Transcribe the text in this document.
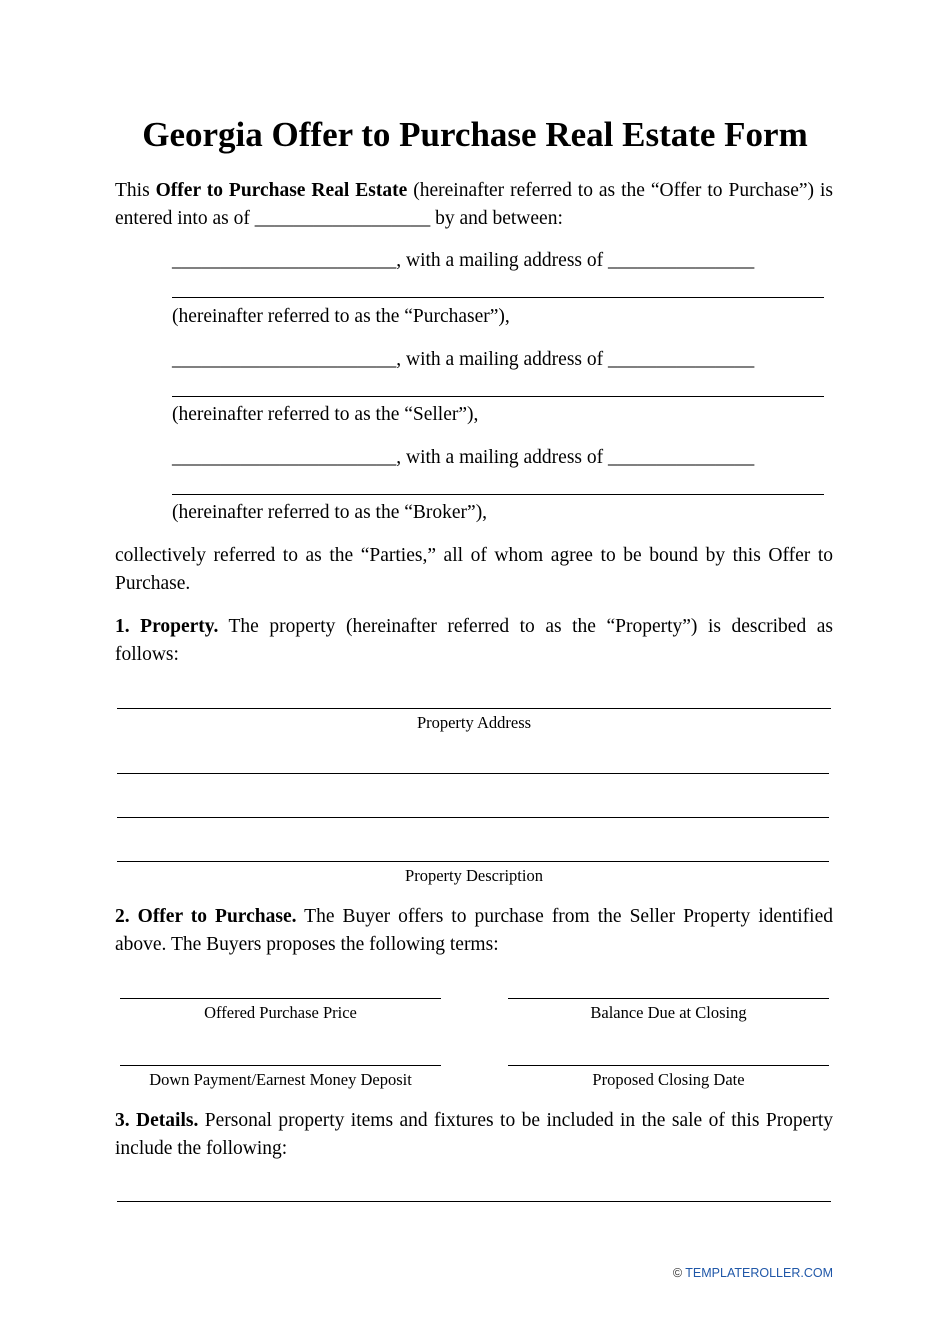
Georgia Offer to Purchase Real Estate Form

This Offer to Purchase Real Estate (hereinafter referred to as the “Offer to Purchase”) is entered into as of __________________ by and between:

_______________________, with a mailing address of _______________
(hereinafter referred to as the “Purchaser”),
_______________________, with a mailing address of _______________
(hereinafter referred to as the “Seller”),
_______________________, with a mailing address of _______________
(hereinafter referred to as the “Broker”),

collectively referred to as the “Parties,” all of whom agree to be bound by this Offer to Purchase.

1. Property. The property (hereinafter referred to as the “Property”) is described as follows:

Property Address
Property Description

2. Offer to Purchase. The Buyer offers to purchase from the Seller Property identified above. The Buyers proposes the following terms:

Offered Purchase Price	Balance Due at Closing
Down Payment/Earnest Money Deposit	Proposed Closing Date

3. Details. Personal property items and fixtures to be included in the sale of this Property include the following:

© TEMPLATEROLLER.COM
